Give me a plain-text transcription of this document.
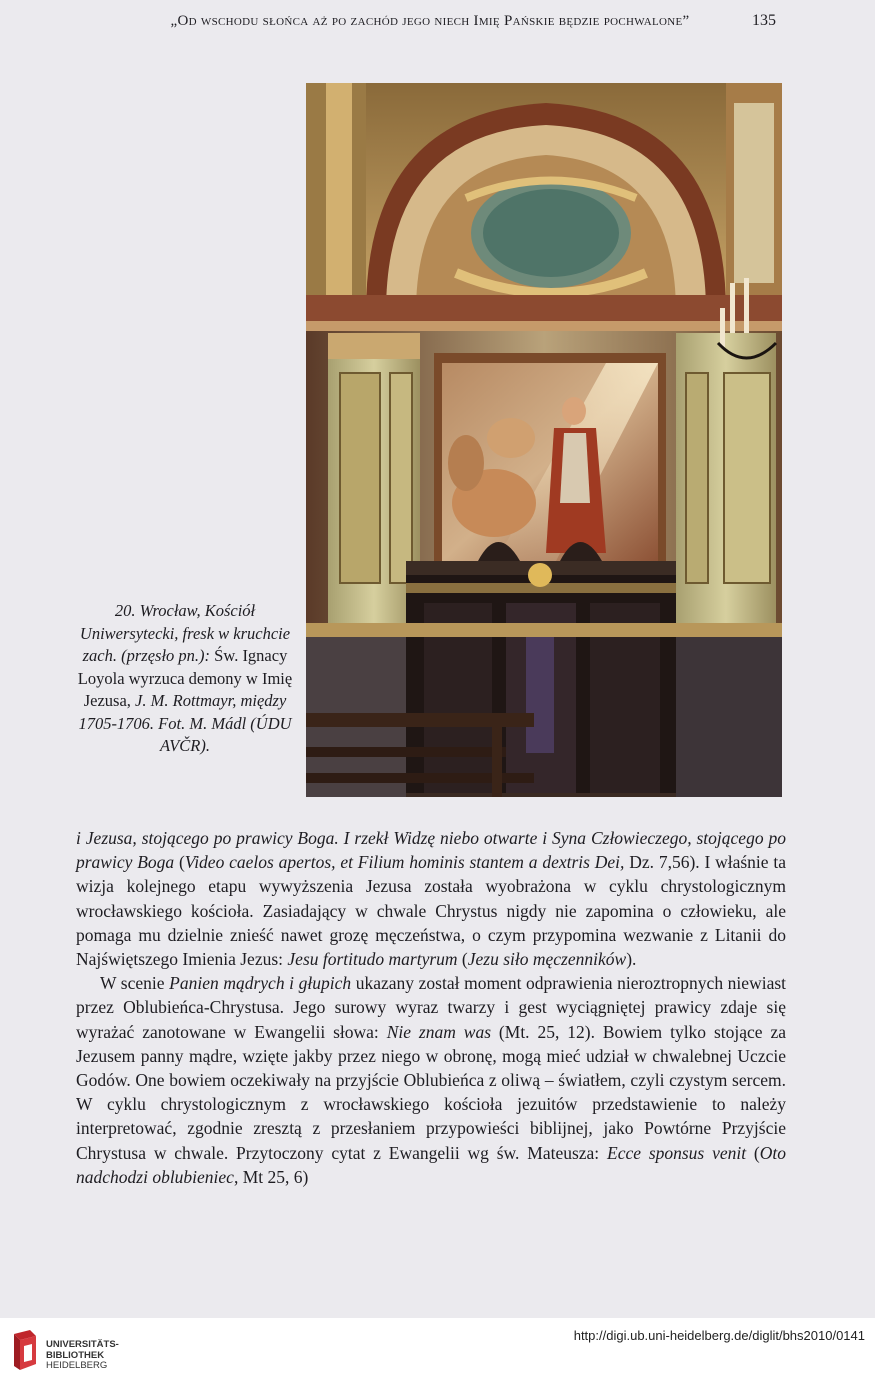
„Od wschodu słońca aż po zachód jego niech Imię Pańskie będzie pochwalone”	135
20. Wrocław, Kościół Uniwersytecki, fresk w kruchcie zach. (przęsło pn.): Św. Ignacy Loyola wyrzuca demony w Imię Jezusa, J. M. Rottmayr, między 1705-1706. Fot. M. Mádl (ÚDU AVČR).

i Jezusa, stojącego po prawicy Boga. I rzekł Widzę niebo otwarte i Syna Człowieczego, stojącego po prawicy Boga (Video caelos apertos, et Filium hominis stantem a dextris Dei, Dz. 7,56). I właśnie ta wizja kolejnego etapu wywyższenia Jezusa została wyobrażona w cyklu chrystologicznym wrocławskiego kościoła. Zasiadający w chwale Chrystus nigdy nie zapomina o człowieku, ale pomaga mu dzielnie znieść nawet grozę męczeństwa, o czym przypomina wezwanie z Litanii do Najświętszego Imienia Jezus: Jesu fortitudo martyrum (Jezu siło męczenników).

W scenie Panien mądrych i głupich ukazany został moment odprawienia nieroztropnych niewiast przez Oblubieńca-Chrystusa. Jego surowy wyraz twarzy i gest wyciągniętej prawicy zdaje się wyrażać zanotowane w Ewangelii słowa: Nie znam was (Mt. 25, 12). Bowiem tylko stojące za Jezusem panny mądre, wzięte jakby przez niego w obronę, mogą mieć udział w chwalebnej Uczcie Godów. One bowiem oczekiwały na przyjście Oblubieńca z oliwą – światłem, czyli czystym sercem. W cyklu chrystologicznym z wrocławskiego kościoła jezuitów przedstawienie to należy interpretować, zgodnie zresztą z przesłaniem przypowieści biblijnej, jako Powtórne Przyjście Chrystusa w chwale. Przytoczony cytat z Ewangelii wg św. Mateusza: Ecce sponsus venit (Oto nadchodzi oblubieniec, Mt 25, 6)

UNIVERSITÄTS-
BIBLIOTHEK
HEIDELBERG
http://digi.ub.uni-heidelberg.de/diglit/bhs2010/0141
